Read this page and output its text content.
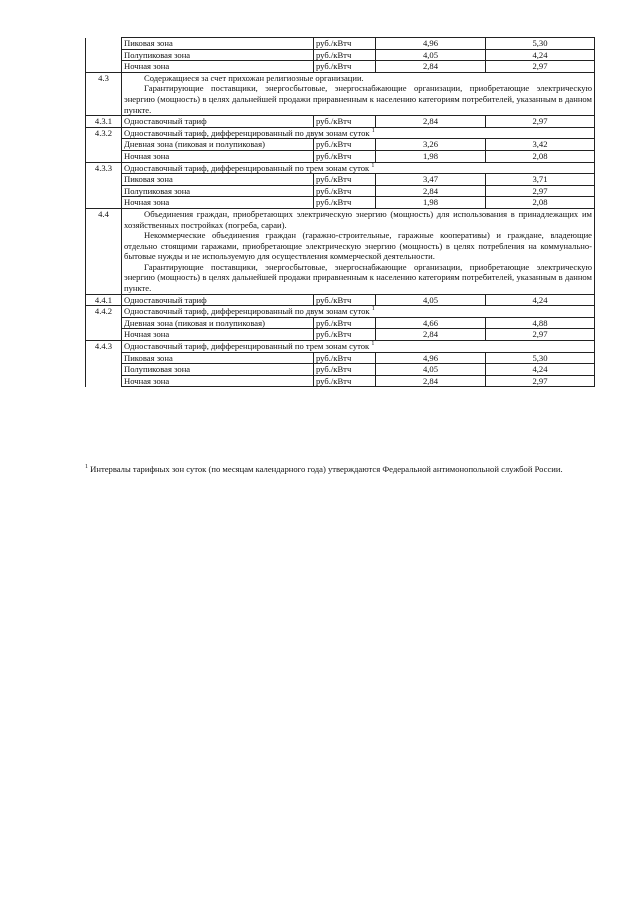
	Пиковая зона	руб./кВтч	4,96	5,30
	Полупиковая зона	руб./кВтч	4,05	4,24
	Ночная зона	руб./кВтч	2,84	2,97
4.3	Содержащиеся за счет прихожан религиозные организации.

Гарантирующие поставщики, энергосбытовые, энергоснабжающие организации, приобретающие электрическую энергию (мощность) в целях дальнейшей продажи приравненным к населению категориям потребителей, указанным в данном пункте.			

4.3.1	Одноставочный тариф	руб./кВтч	2,84	2,97
4.3.2	Одноставочный тариф, дифференцированный по двум зонам суток $^1$
	Дневная зона (пиковая и полупиковая)	руб./кВтч	3,26	3,42
	Ночная зона	руб./кВтч	1,98	2,08
4.3.3	Одноставочный тариф, дифференцированный по трем зонам суток $^1$
	Пиковая зона	руб./кВтч	3,47	3,71
	Полупиковая зона	руб./кВтч	2,84	2,97
	Ночная зона	руб./кВтч	1,98	2,08
4.4	Объединения граждан, приобретающих электрическую энергию (мощность) для использования в принадлежащих им хозяйственных постройках (погреба, сараи).

Некоммерческие объединения граждан (гаражно-строительные, гаражные кооперативы) и граждане, владеющие отдельно стоящими гаражами, приобретающие электрическую энергию (мощность) в целях потребления на коммунально-бытовые нужды и не используемую для осуществления коммерческой деятельности.

Гарантирующие поставщики, энергосбытовые, энергоснабжающие организации, приобретающие электрическую энергию (мощность) в целях дальнейшей продажи приравненным к населению категориям потребителей, указанным в данном пункте.			

4.4.1	Одноставочный тариф	руб./кВтч	4,05	4,24
4.4.2	Одноставочный тариф, дифференцированный по двум зонам суток $^1$
	Дневная зона (пиковая и полупиковая)	руб./кВтч	4,66	4,88
	Ночная зона	руб./кВтч	2,84	2,97
4.4.3	Одноставочный тариф, дифференцированный по трем зонам суток $^1$
	Пиковая зона	руб./кВтч	4,96	5,30
	Полупиковая зона	руб./кВтч	4,05	4,24
	Ночная зона	руб./кВтч	2,84	2,97
$^1$ Интервалы тарифных зон суток (по месяцам календарного года) утверждаются Федеральной антимонопольной службой России.
